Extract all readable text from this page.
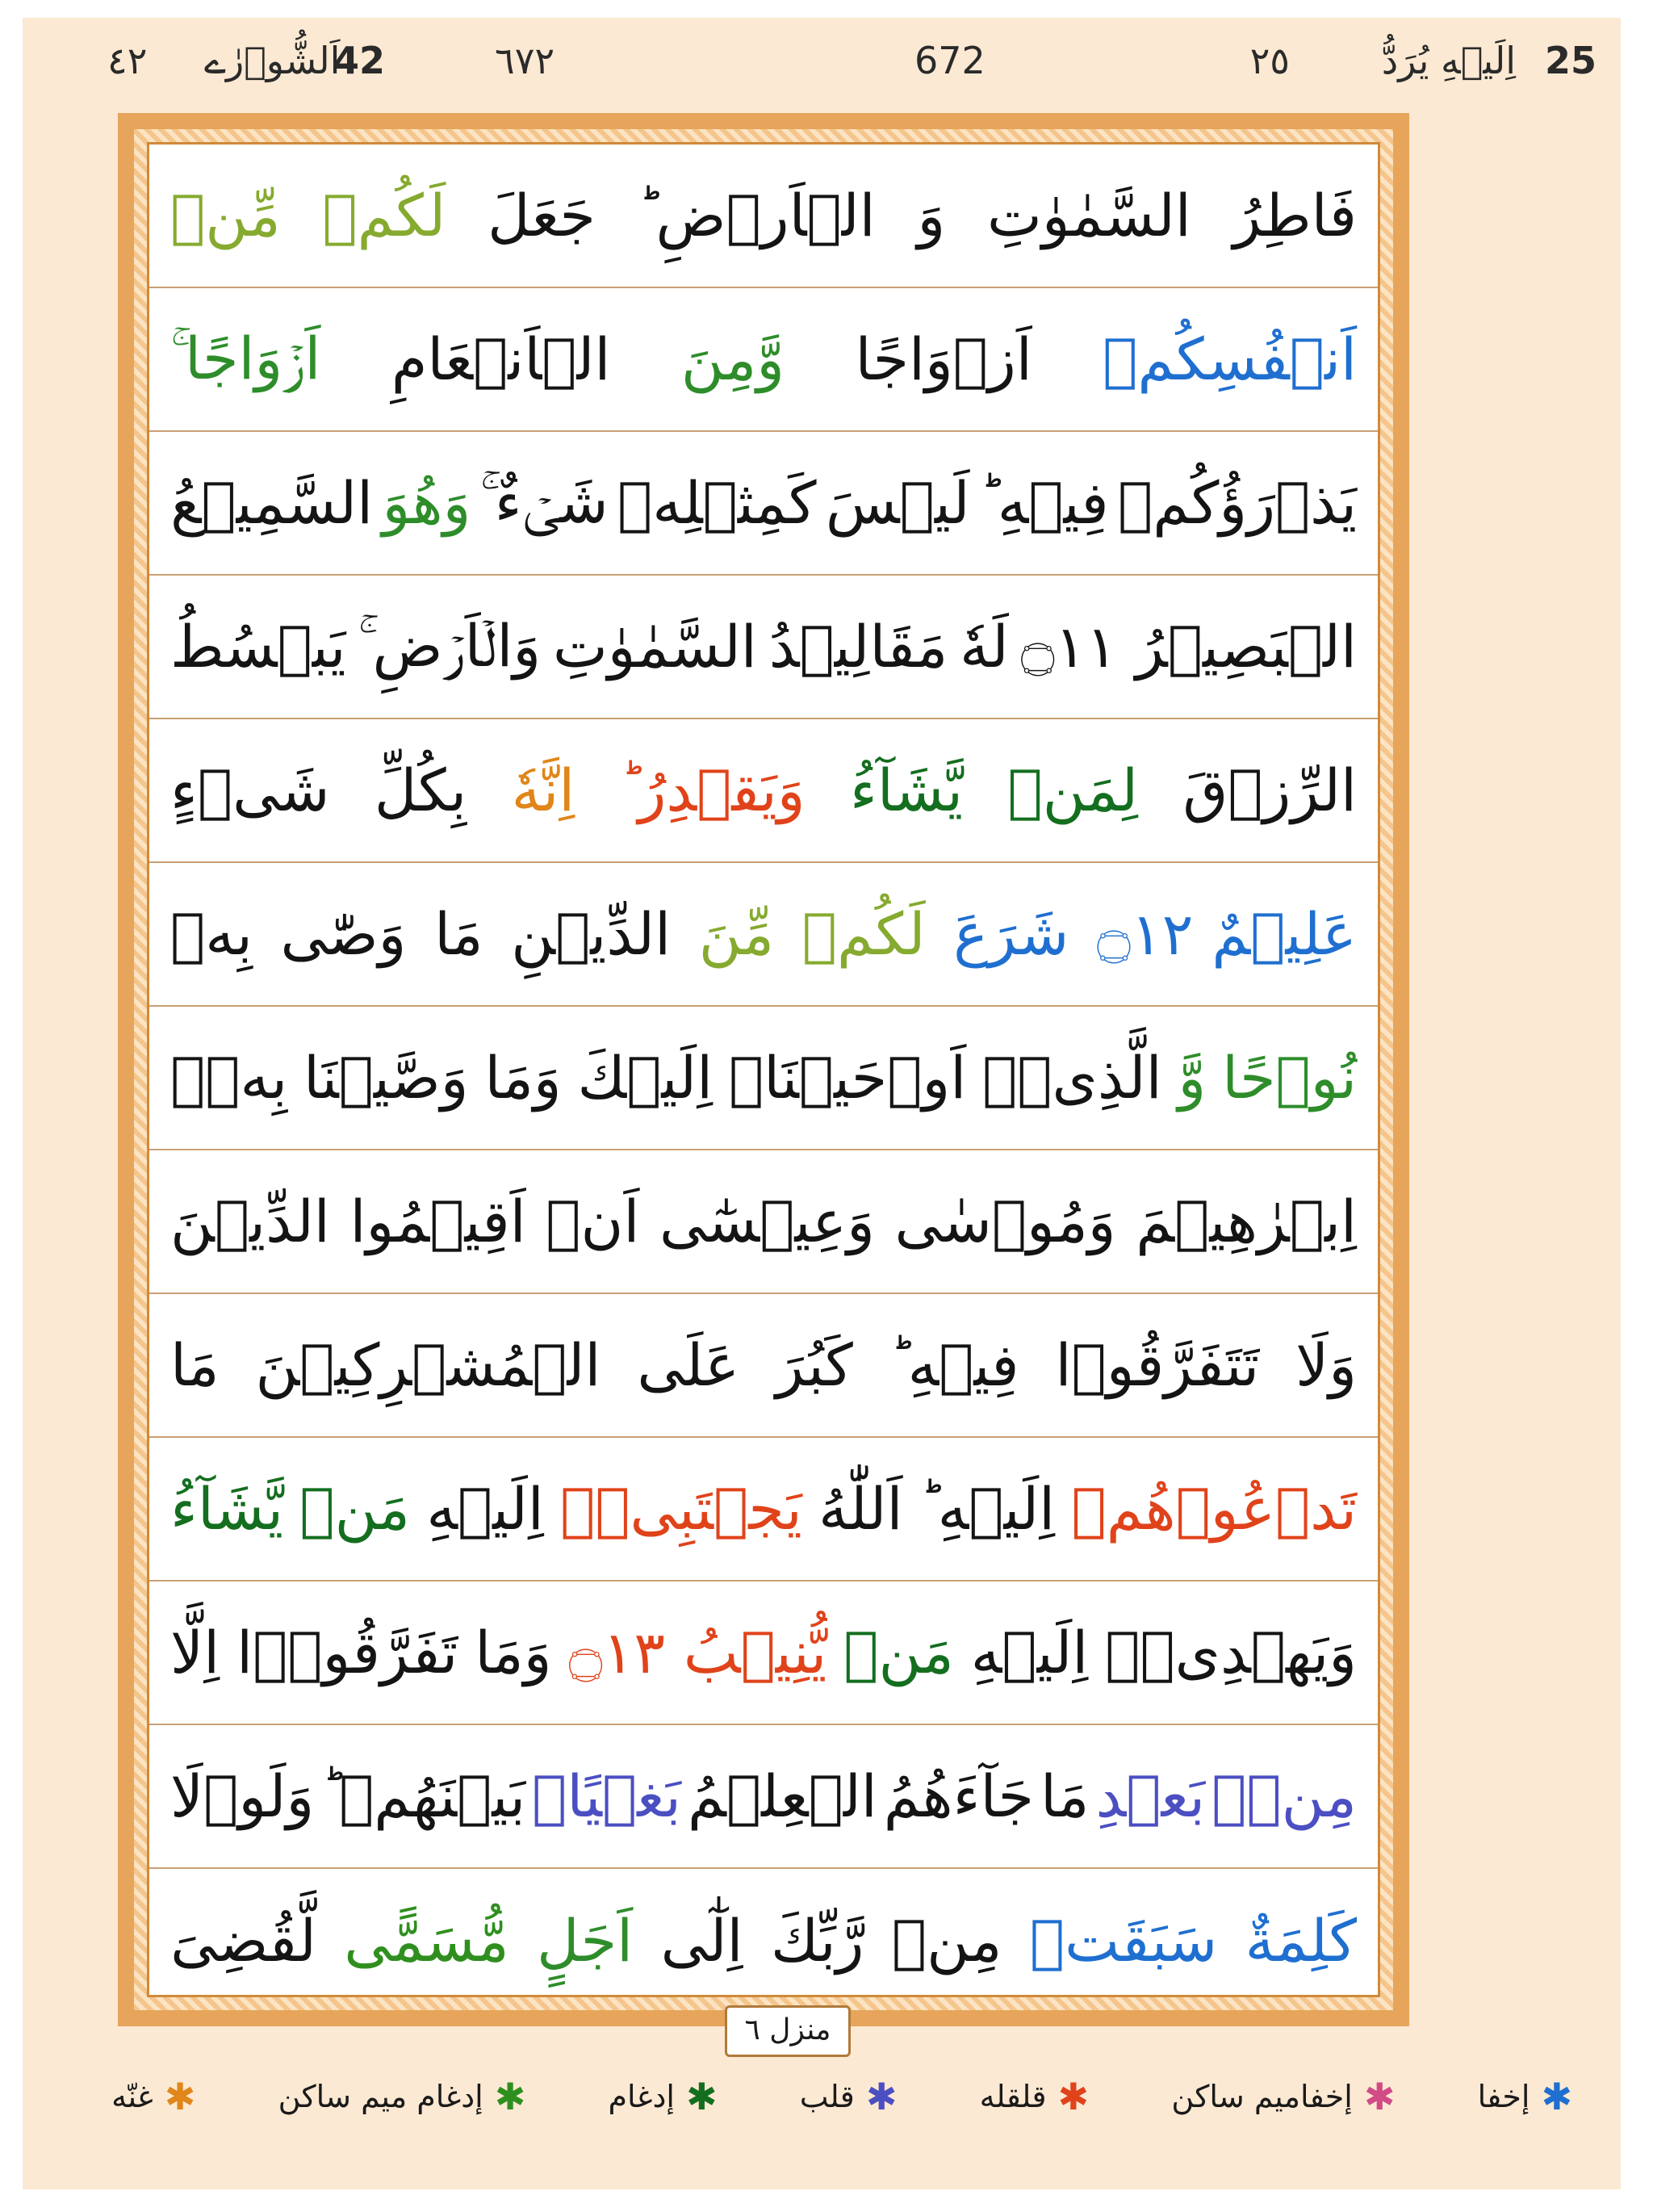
25
اِلَيۡهِ يُرَدُّ
٢٥
672
٦٧٢
42
اَلشُّوۡرٰے
٤٢
فَاطِرُ
السَّمٰوٰتِ
وَ
الۡاَرۡضِ ؕ
جَعَلَ
لَكُمۡ
مِّنۡ
اَنۡفُسِكُمۡ
اَزۡوَاجًا
وَّمِنَ
الۡاَنۡعَامِ
اَزۡوَاجًا ۚ
يَذۡرَؤُكُمۡ
فِيۡهِ ؕ
لَيۡسَ
كَمِثۡلِهٖ
شَىۡءٌ ۚ
وَهُوَ
السَّمِيۡعُ
الۡبَصِيۡرُ ۝١١
لَهٗ
مَقَالِيۡدُ
السَّمٰوٰتِ
وَالۡاَرۡضِ ۚ
يَبۡسُطُ
الرِّزۡقَ
لِمَنۡ
يَّشَآءُ
وَيَقۡدِرُ ؕ
اِنَّهٗ
بِكُلِّ
شَىۡءٍ
عَلِيۡمٌ ۝١٢
شَرَعَ
لَكُمۡ
مِّنَ
الدِّيۡنِ
مَا
وَصّٰى
بِهٖ
نُوۡحًا
وَّ
الَّذِىۡۤ
اَوۡحَيۡنَاۤ
اِلَيۡكَ
وَمَا
وَصَّيۡنَا
بِهٖۤ
اِبۡرٰهِيۡمَ
وَمُوۡسٰى
وَعِيۡسٰٓى
اَنۡ
اَقِيۡمُوا
الدِّيۡنَ
وَلَا
تَتَفَرَّقُوۡا
فِيۡهِ ؕ
كَبُرَ
عَلَى
الۡمُشۡرِكِيۡنَ
مَا
تَدۡعُوۡهُمۡ
اِلَيۡهِ ؕ
اَللّٰهُ
يَجۡتَبِىۡۤ
اِلَيۡهِ
مَنۡ
يَّشَآءُ
وَيَهۡدِىۡۤ
اِلَيۡهِ
مَنۡ
يُّنِيۡبُ ۝١٣
وَمَا
تَفَرَّقُوۡۤا
اِلَّا
مِنۡۢ
بَعۡدِ
مَا
جَآءَهُمُ
الۡعِلۡمُ
بَغۡيًاۢ
بَيۡنَهُمۡ ؕ
وَلَوۡلَا
كَلِمَةٌ
سَبَقَتۡ
مِنۡ
رَّبِّكَ
اِلٰٓى
اَجَلٍ
مُّسَمًّى
لَّقُضِىَ
منزل ٦
✱
إخفا
✱
إخفاميم ساكن
✱
قلقله
✱
قلب
✱
إدغام
✱
إدغام ميم ساكن
✱
غنّه
